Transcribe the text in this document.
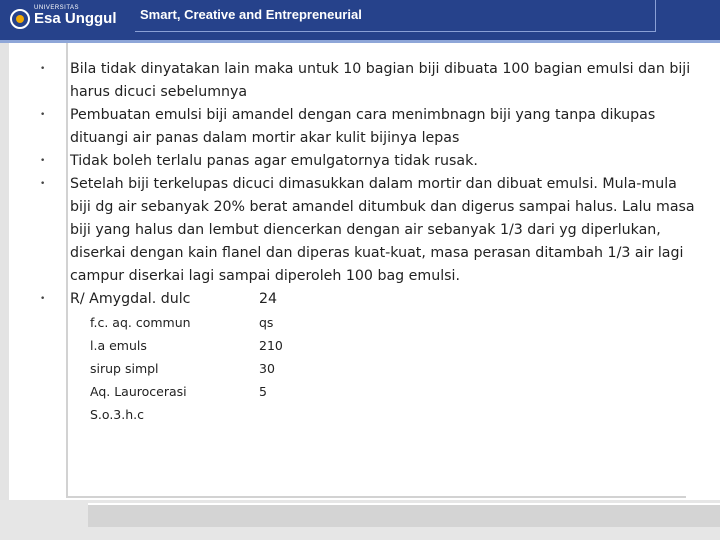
UNIVERSITAS
Esa Unggul Smart, Creative and Entrepreneurial
• Bila tidak dinyatakan lain maka untuk 10 bagian biji dibuata 100 bagian emulsi dan biji harus dicuci sebelumnya
• Pembuatan emulsi biji amandel dengan cara menimbnagn biji yang tanpa dikupas dituangi air panas dalam mortir akar kulit bijinya lepas
• Tidak boleh terlalu panas agar emulgatornya tidak rusak.
• Setelah biji terkelupas dicuci dimasukkan dalam mortir dan dibuat emulsi. Mula-mula biji dg air sebanyak 20% berat amandel ditumbuk dan digerus sampai halus. Lalu masa biji yang halus dan lembut diencerkan dengan air sebanyak 1/3 dari yg diperlukan, diserkai dengan kain flanel dan diperas kuat-kuat, masa perasan ditambah 1/3 air lagi campur diserkai lagi sampai diperoleh 100 bag emulsi.
• R/ Amygdal. dulc	24
f.c. aq. commun	qs
l.a emuls	210
sirup simpl	30
Aq. Laurocerasi	5
S.o.3.h.c
